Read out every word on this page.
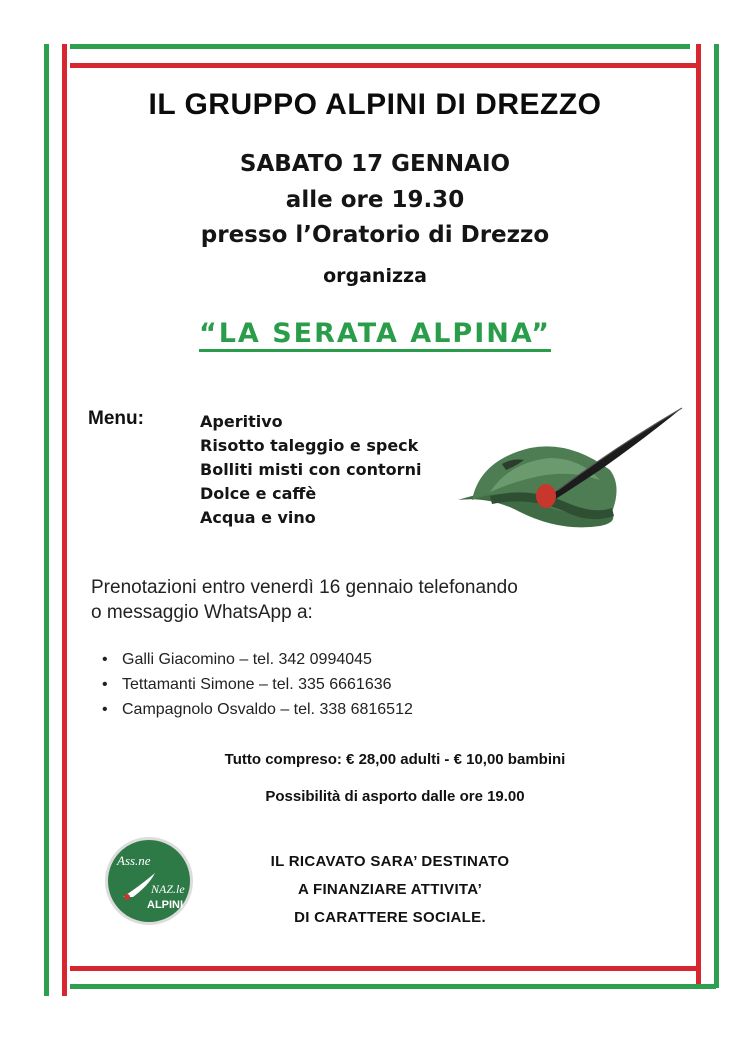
IL GRUPPO ALPINI DI DREZZO
SABATO 17 GENNAIO
alle ore 19.30
presso l’Oratorio di Drezzo
organizza
“LA SERATA ALPINA”
Menu:	Aperitivo
Risotto taleggio e speck
Bolliti misti con contorni
Dolce e caffè
Acqua e vino
Prenotazioni entro venerdì 16 gennaio telefonando
o messaggio WhatsApp a:
• Galli Giacomino – tel. 342 0994045
• Tettamanti Simone – tel. 335 6661636
• Campagnolo Osvaldo – tel. 338 6816512
Tutto compreso: € 28,00 adulti - € 10,00 bambini
Possibilità di asporto dalle ore 19.00
Ass.ne
NAZ.le
ALPINI
IL RICAVATO SARA’ DESTINATO
A FINANZIARE ATTIVITA’
DI CARATTERE SOCIALE.
